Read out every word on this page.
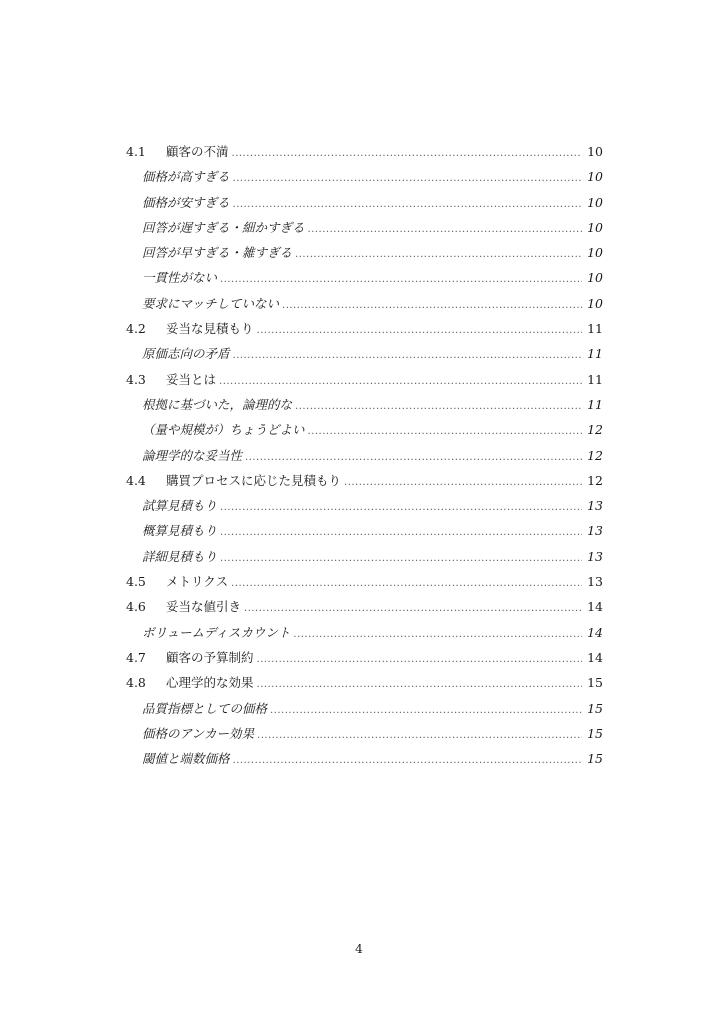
4.1	顧客の不満 .....	10
価格が高すぎる .....	10
価格が安すぎる .....	10
回答が遅すぎる・細かすぎる .....	10
回答が早すぎる・雑すぎる .....	10
一貫性がない .....	10
要求にマッチしていない .....	10
4.2	妥当な見積もり .....	11
原価志向の矛盾 .....	11
4.3	妥当とは .....	11
根拠に基づいた，論理的な .....	11
（量や規模が）ちょうどよい .....	12
論理学的な妥当性 .....	12
4.4	購買プロセスに応じた見積もり .....	12
試算見積もり .....	13
概算見積もり .....	13
詳細見積もり .....	13
4.5	メトリクス .....	13
4.6	妥当な値引き .....	14
ボリュームディスカウント .....	14
4.7	顧客の予算制約 .....	14
4.8	心理学的な効果 .....	15
品質指標としての価格 .....	15
価格のアンカー効果 .....	15
閾値と端数価格 .....	15
4
